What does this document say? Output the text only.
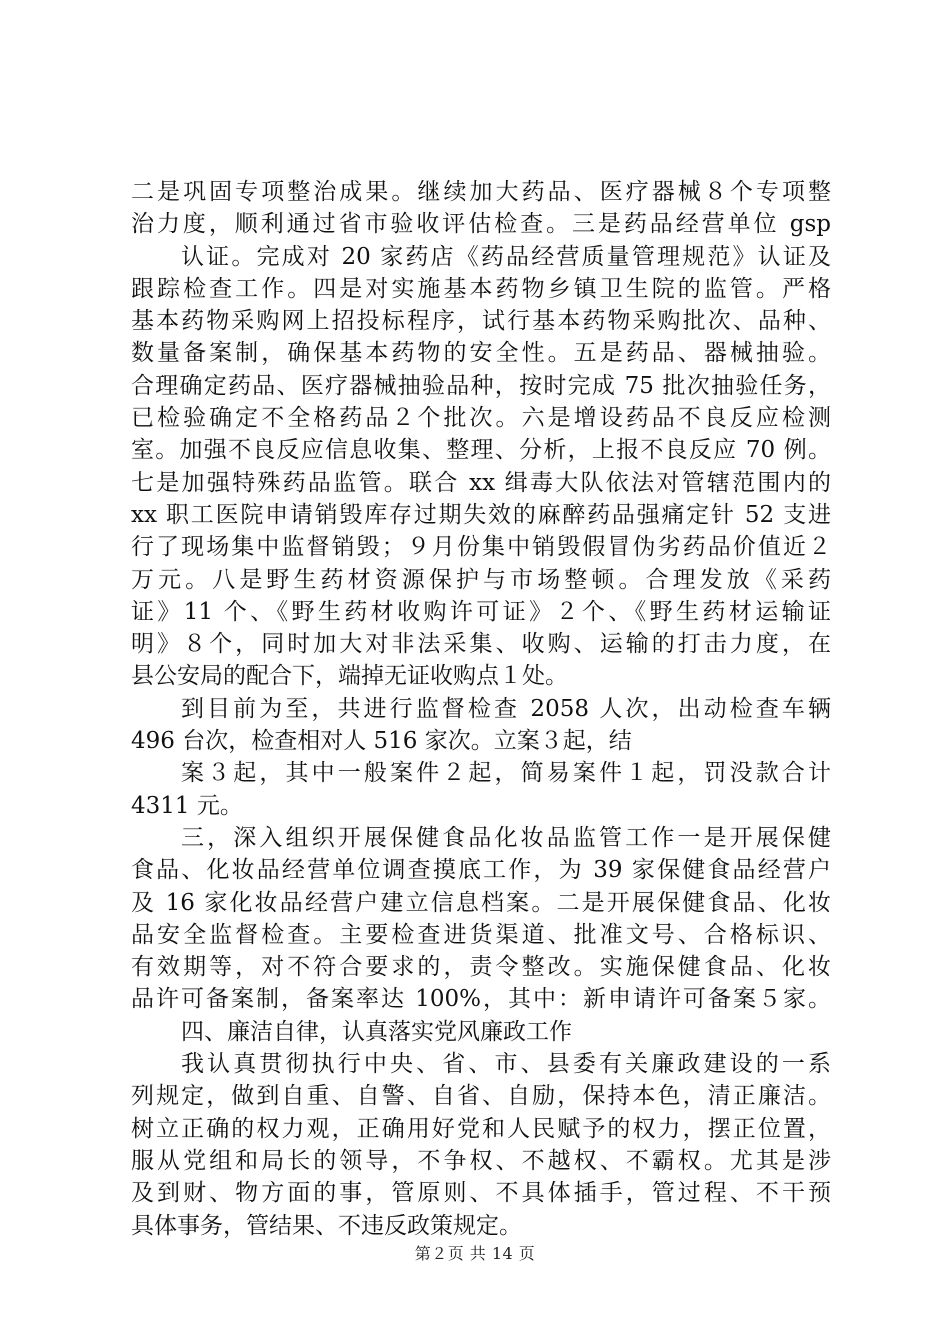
二是巩固专项整治成果。继续加大药品、医疗器械８个专项整
治力度，顺利通过省市验收评估检查。三是药品经营单位 gsp
认证。完成对 20 家药店《药品经营质量管理规范》认证及
跟踪检查工作。四是对实施基本药物乡镇卫生院的监管。严格
基本药物采购网上招投标程序，试行基本药物采购批次、品种、
数量备案制，确保基本药物的安全性。五是药品、器械抽验。
合理确定药品、医疗器械抽验品种，按时完成 75 批次抽验任务，
已检验确定不全格药品２个批次。六是增设药品不良反应检测
室。加强不良反应信息收集、整理、分析，上报不良反应 70 例。
七是加强特殊药品监管。联合 xx 缉毒大队依法对管辖范围内的
xx 职工医院申请销毁库存过期失效的麻醉药品强痛定针 52 支进
行了现场集中监督销毁；９月份集中销毁假冒伪劣药品价值近２
万元。八是野生药材资源保护与市场整顿。合理发放《采药
证》11 个、《野生药材收购许可证》２个、《野生药材运输证
明》８个，同时加大对非法采集、收购、运输的打击力度，在
县公安局的配合下，端掉无证收购点１处。
到目前为至，共进行监督检查 2058 人次，出动检查车辆
496 台次，检查相对人 516 家次。立案３起，结
案３起，其中一般案件２起，简易案件１起，罚没款合计
4311 元。
三，深入组织开展保健食品化妆品监管工作一是开展保健
食品、化妆品经营单位调查摸底工作，为 39 家保健食品经营户
及 16 家化妆品经营户建立信息档案。二是开展保健食品、化妆
品安全监督检查。主要检查进货渠道、批准文号、合格标识、
有效期等，对不符合要求的，责令整改。实施保健食品、化妆
品许可备案制，备案率达 100%，其中：新申请许可备案５家。
四、廉洁自律，认真落实党风廉政工作
我认真贯彻执行中央、省、市、县委有关廉政建设的一系
列规定，做到自重、自警、自省、自励，保持本色，清正廉洁。
树立正确的权力观，正确用好党和人民赋予的权力，摆正位置，
服从党组和局长的领导，不争权、不越权、不霸权。尤其是涉
及到财、物方面的事，管原则、不具体插手，管过程、不干预
具体事务，管结果、不违反政策规定。
第２页 共 14 页
